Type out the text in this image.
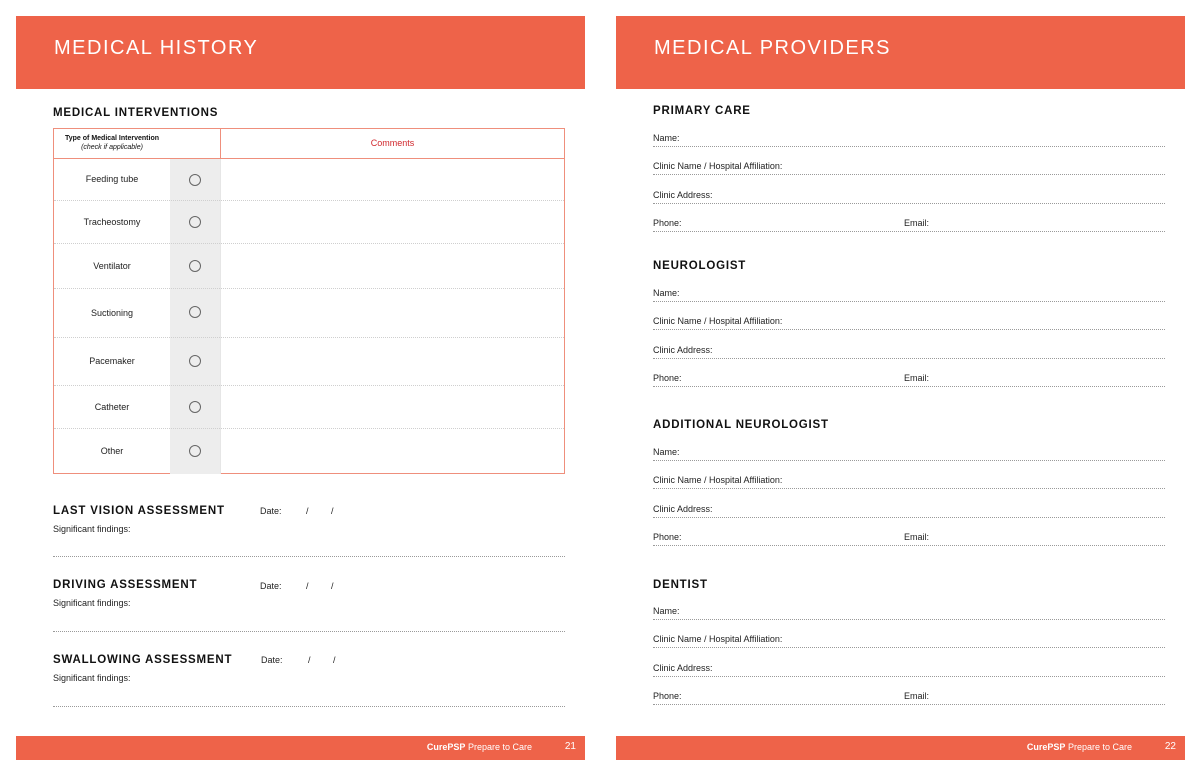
MEDICAL HISTORY
MEDICAL INTERVENTIONS
Type of Medical Intervention
(check if applicable)	Comments
Feeding tube
Tracheostomy
Ventilator
Suctioning
Pacemaker
Catheter
Other
LAST VISION ASSESSMENT	Date:	/ /
Significant findings:
DRIVING ASSESSMENT	Date:	/ /
Significant findings:
SWALLOWING ASSESSMENT	Date:	/ /
Significant findings:
CurePSP Prepare to Care	21
MEDICAL PROVIDERS
PRIMARY CARE
Name:
Clinic Name / Hospital Affiliation:
Clinic Address:
Phone:	Email:
NEUROLOGIST
Name:
Clinic Name / Hospital Affiliation:
Clinic Address:
Phone:	Email:
ADDITIONAL NEUROLOGIST
Name:
Clinic Name / Hospital Affiliation:
Clinic Address:
Phone:	Email:
DENTIST
Name:
Clinic Name / Hospital Affiliation:
Clinic Address:
Phone:	Email:
CurePSP Prepare to Care	22
